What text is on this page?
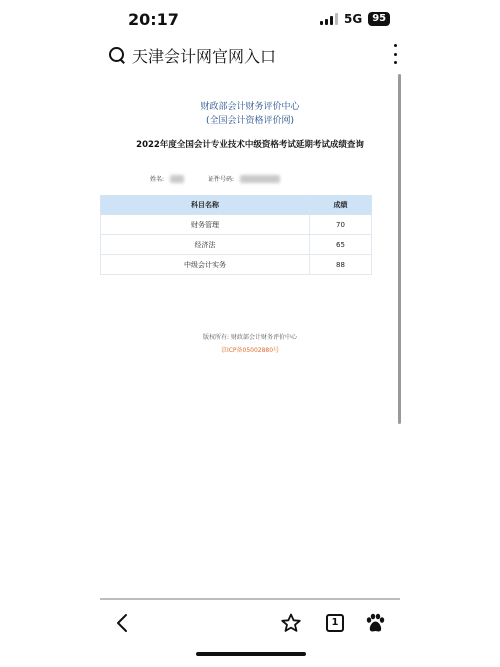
20:17	5G	95
天津会计网官网入口
财政部会计财务评价中心
(全国会计资格评价网)
2022年度全国会计专业技术中级资格考试延期考试成绩查询
姓名:	证件号码:
科目名称	成绩
财务管理	70
经济法	65
中级会计实务	88
版权所有: 财政部会计财务评价中心
京ICP备05002880号
1
